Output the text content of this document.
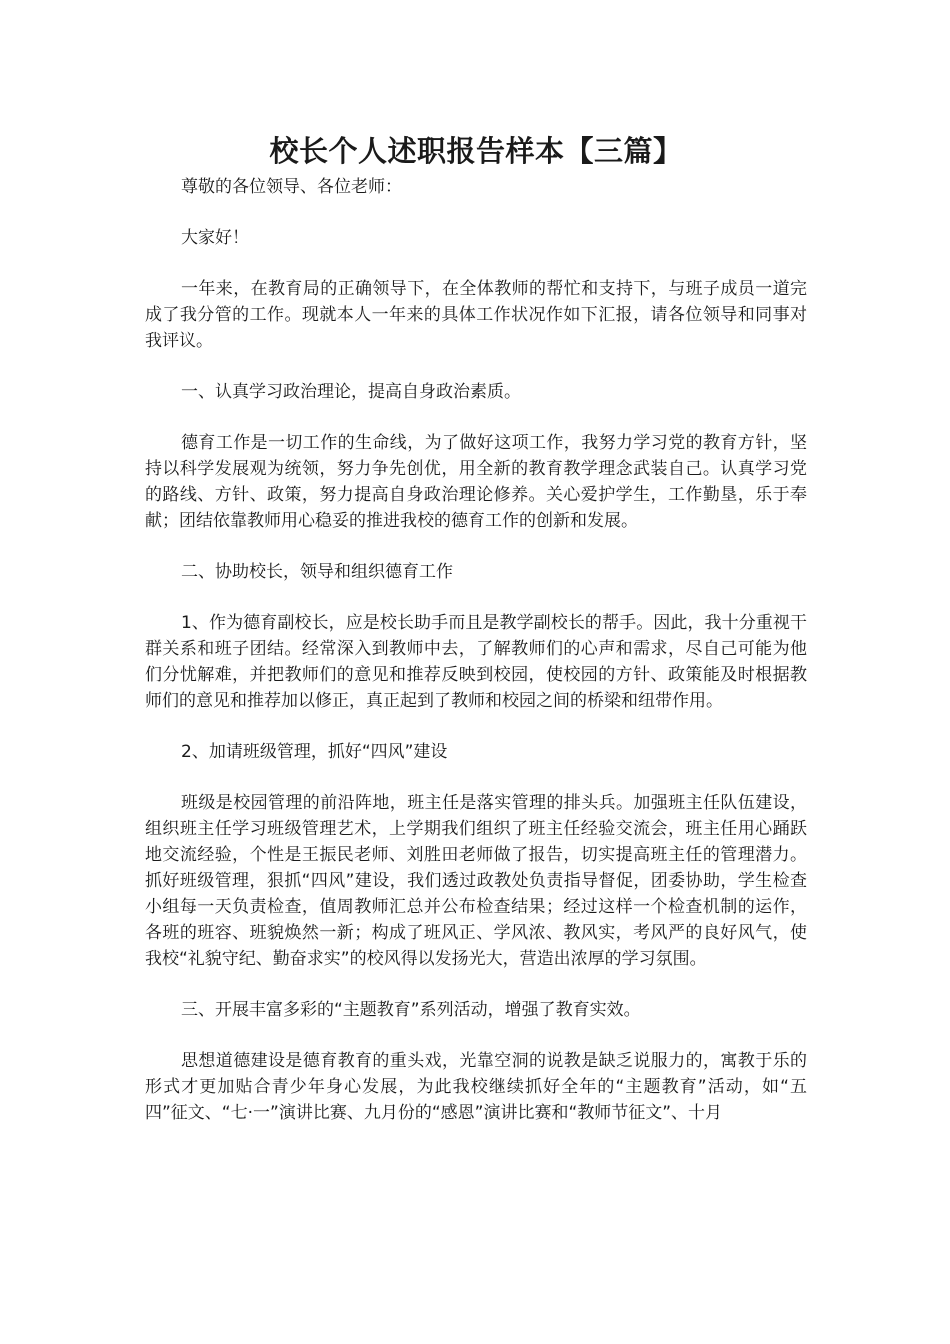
校长个人述职报告样本【三篇】

尊敬的各位领导、各位老师：

大家好！

一年来，在教育局的正确领导下，在全体教师的帮忙和支持下，与班子成员一道完成了我分管的工作。现就本人一年来的具体工作状况作如下汇报，请各位领导和同事对我评议。

一、认真学习政治理论，提高自身政治素质。

德育工作是一切工作的生命线，为了做好这项工作，我努力学习党的教育方针，坚持以科学发展观为统领，努力争先创优，用全新的教育教学理念武装自己。认真学习党的路线、方针、政策，努力提高自身政治理论修养。关心爱护学生，工作勤垦，乐于奉献；团结依靠教师用心稳妥的推进我校的德育工作的创新和发展。

二、协助校长，领导和组织德育工作

1、作为德育副校长，应是校长助手而且是教学副校长的帮手。因此，我十分重视干群关系和班子团结。经常深入到教师中去，了解教师们的心声和需求，尽自己可能为他们分忧解难，并把教师们的意见和推荐反映到校园，使校园的方针、政策能及时根据教师们的意见和推荐加以修正，真正起到了教师和校园之间的桥梁和纽带作用。

2、加请班级管理，抓好“四风”建设

班级是校园管理的前沿阵地，班主任是落实管理的排头兵。加强班主任队伍建设，组织班主任学习班级管理艺术，上学期我们组织了班主任经验交流会，班主任用心踊跃地交流经验，个性是王振民老师、刘胜田老师做了报告，切实提高班主任的管理潜力。抓好班级管理，狠抓“四风”建设，我们透过政教处负责指导督促，团委协助，学生检查小组每一天负责检查，值周教师汇总并公布检查结果；经过这样一个检查机制的运作，各班的班容、班貌焕然一新；构成了班风正、学风浓、教风实，考风严的良好风气，使我校“礼貌守纪、勤奋求实”的校风得以发扬光大，营造出浓厚的学习氛围。

三、开展丰富多彩的“主题教育”系列活动，增强了教育实效。

思想道德建设是德育教育的重头戏，光靠空洞的说教是缺乏说服力的，寓教于乐的形式才更加贴合青少年身心发展，为此我校继续抓好全年的“主题教育”活动，如“五四”征文、“七·一”演讲比赛、九月份的“感恩”演讲比赛和“教师节征文”、十月
